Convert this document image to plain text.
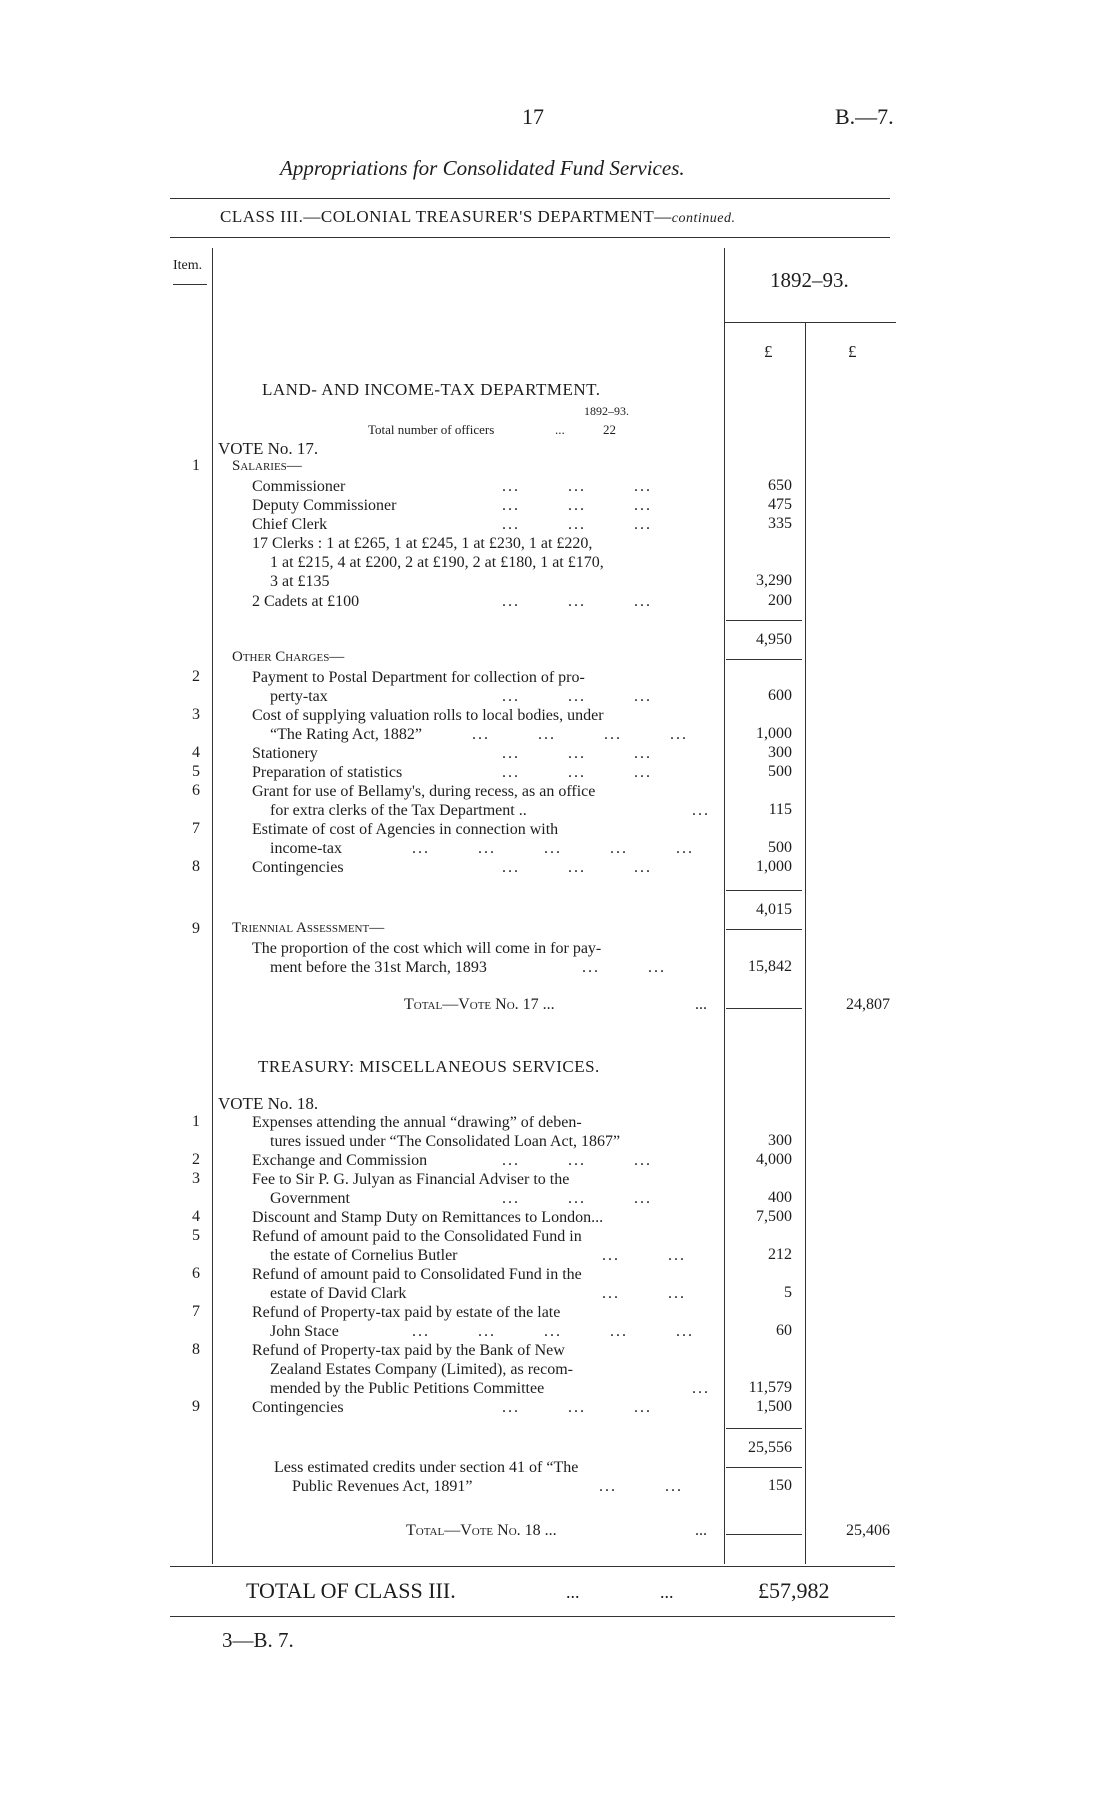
17	B.—7.
Appropriations for Consolidated Fund Services.
CLASS III.—COLONIAL TREASURER'S DEPARTMENT—continued.
Item.
1892–93.
£	£
LAND- AND INCOME-TAX DEPARTMENT.
1892–93.
Total number of officers	...	22
VOTE No. 17.
1	Salaries—
Commissioner	...        ...        ...	650
Deputy Commissioner	...        ...        ...	475
Chief Clerk	...        ...        ...	335
17 Clerks : 1 at £265, 1 at £245, 1 at £230, 1 at £220,
1 at £215, 4 at £200, 2 at £190, 2 at £180, 1 at £170,
3 at £135	3,290
2 Cadets at £100	...        ...        ...	200
4,950
Other Charges—
2	Payment to Postal Department for collection of pro-
perty-tax	...        ...        ...	600
3	Cost of supplying valuation rolls to local bodies, under
“The Rating Act, 1882”	...        ...        ...        ...	1,000
4	Stationery	...        ...        ...	300
5	Preparation of statistics	...        ...        ...	500
6	Grant for use of Bellamy's, during recess, as an office
for extra clerks of the Tax Department ..	...	115
7	Estimate of cost of Agencies in connection with
income-tax	...        ...        ...        ...        ...	500
8	Contingencies	...        ...        ...	1,000
4,015
9	Triennial Assessment—
The proportion of the cost which will come in for pay-
ment before the 31st March, 1893	...        ...	15,842
Total—Vote No. 17 ...	...	24,807
TREASURY: MISCELLANEOUS SERVICES.
VOTE No. 18.
1	Expenses attending the annual “drawing” of deben-
tures issued under “The Consolidated Loan Act, 1867”	300
2	Exchange and Commission	...        ...        ...	4,000
3	Fee to Sir P. G. Julyan as Financial Adviser to the
Government	...        ...        ...	400
4	Discount and Stamp Duty on Remittances to London...	7,500
5	Refund of amount paid to the Consolidated Fund in
the estate of Cornelius Butler	...        ...	212
6	Refund of amount paid to Consolidated Fund in the
estate of David Clark	...        ...	5
7	Refund of Property-tax paid by estate of the late
John Stace	...        ...        ...        ...        ...	60
8	Refund of Property-tax paid by the Bank of New
Zealand Estates Company (Limited), as recom-
mended by the Public Petitions Committee	...	11,579
9	Contingencies	...        ...        ...	1,500
25,556
Less estimated credits under section 41 of “The
Public Revenues Act, 1891”	...        ...	150
Total—Vote No. 18 ...	...	25,406
TOTAL OF CLASS III.	...	...	£57,982
3—B. 7.
